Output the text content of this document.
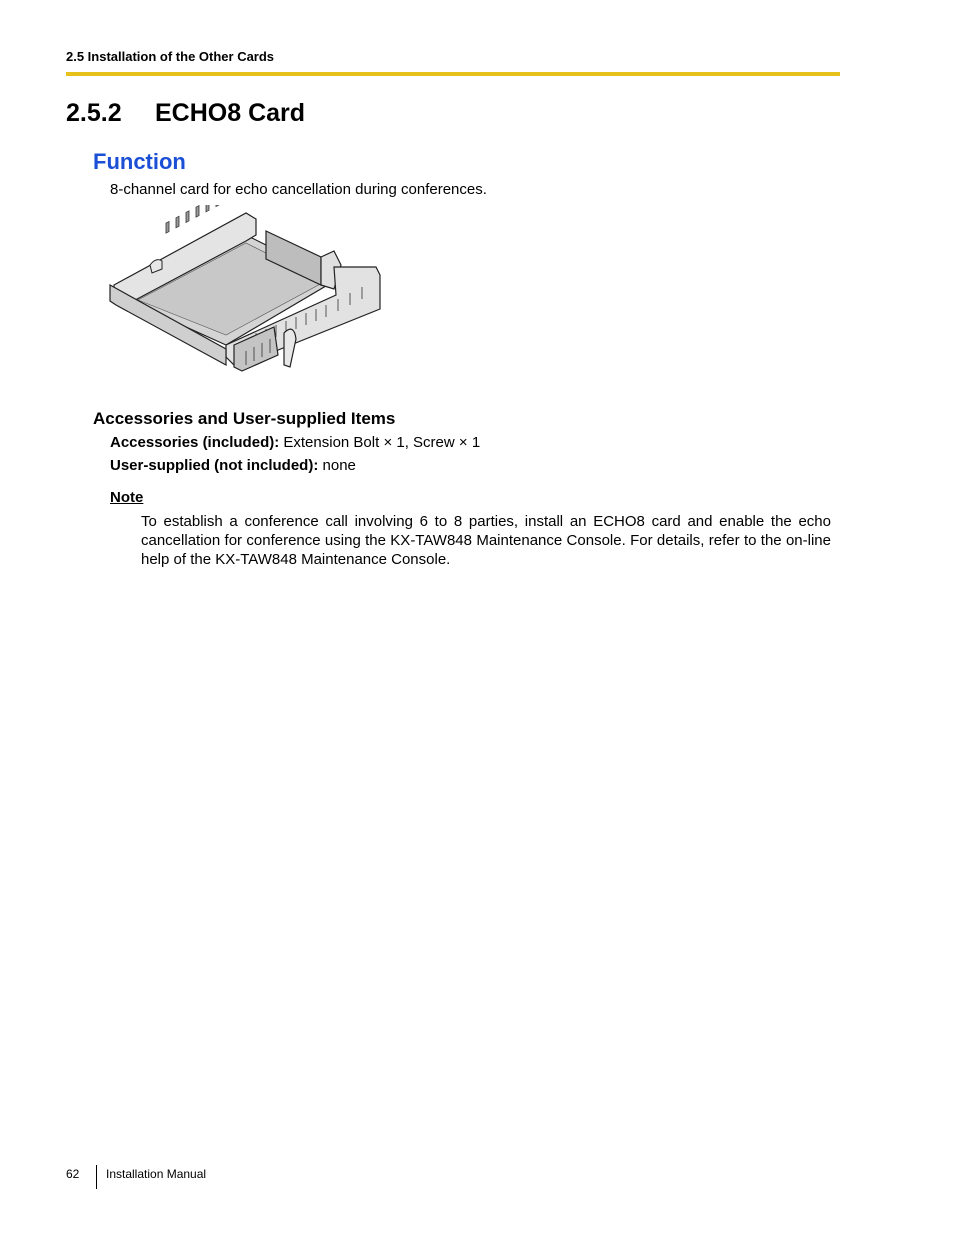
2.5 Installation of the Other Cards
2.5.2 ECHO8 Card
Function
8-channel card for echo cancellation during conferences.
Accessories and User-supplied Items
Accessories (included): Extension Bolt × 1, Screw × 1
User-supplied (not included): none
Note
To establish a conference call involving 6 to 8 parties, install an ECHO8 card and enable the echo cancellation for conference using the KX-TAW848 Maintenance Console. For details, refer to the on-line help of the KX-TAW848 Maintenance Console.
62 Installation Manual
